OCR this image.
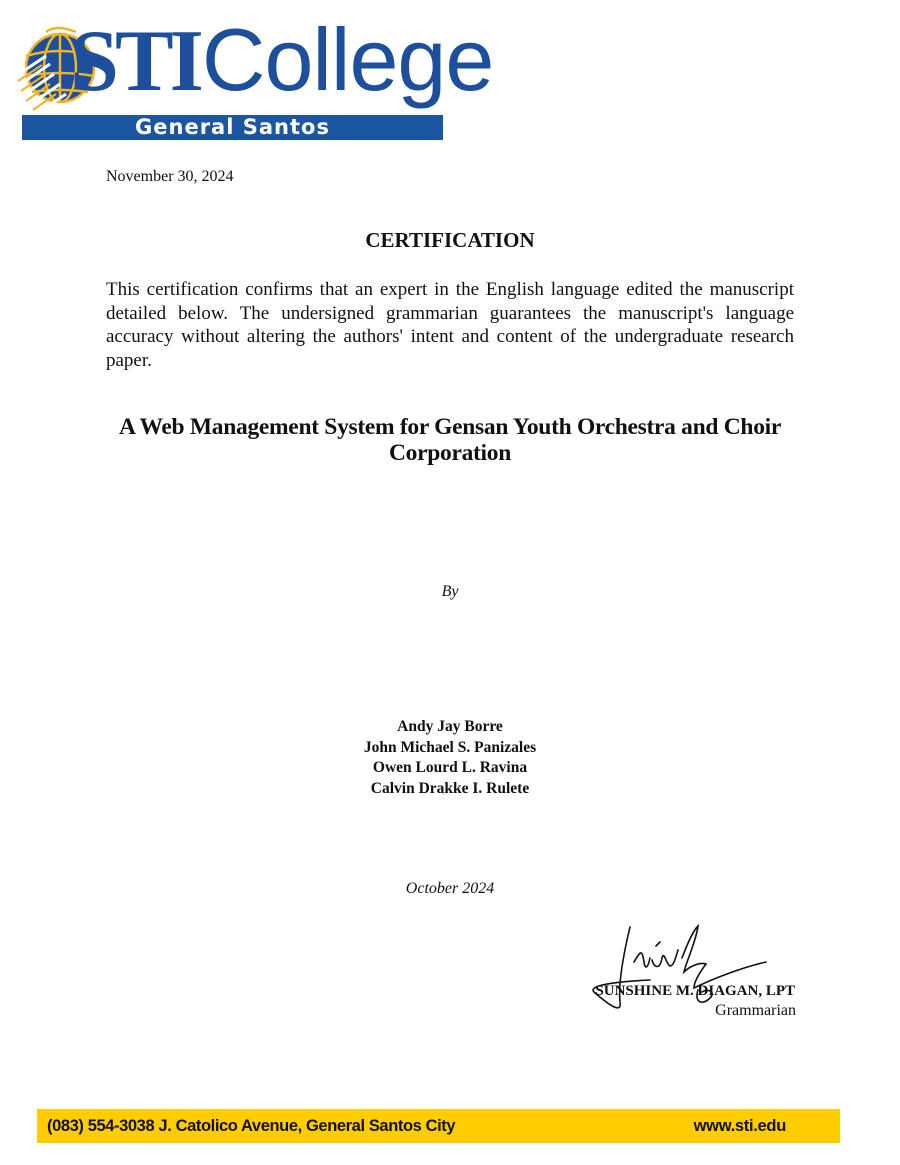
STICollege
General Santos
November 30, 2024
CERTIFICATION
This certification confirms that an expert in the English language edited the manuscript detailed below. The undersigned grammarian guarantees the manuscript's language accuracy without altering the authors' intent and content of the undergraduate research paper.
A Web Management System for Gensan Youth Orchestra and Choir Corporation
By
Andy Jay Borre
John Michael S. Panizales
Owen Lourd L. Ravina
Calvin Drakke I. Rulete
October 2024
SUNSHINE M. DIAGAN, LPT
Grammarian
(083) 554-3038 J. Catolico Avenue, General Santos City	www.sti.edu
